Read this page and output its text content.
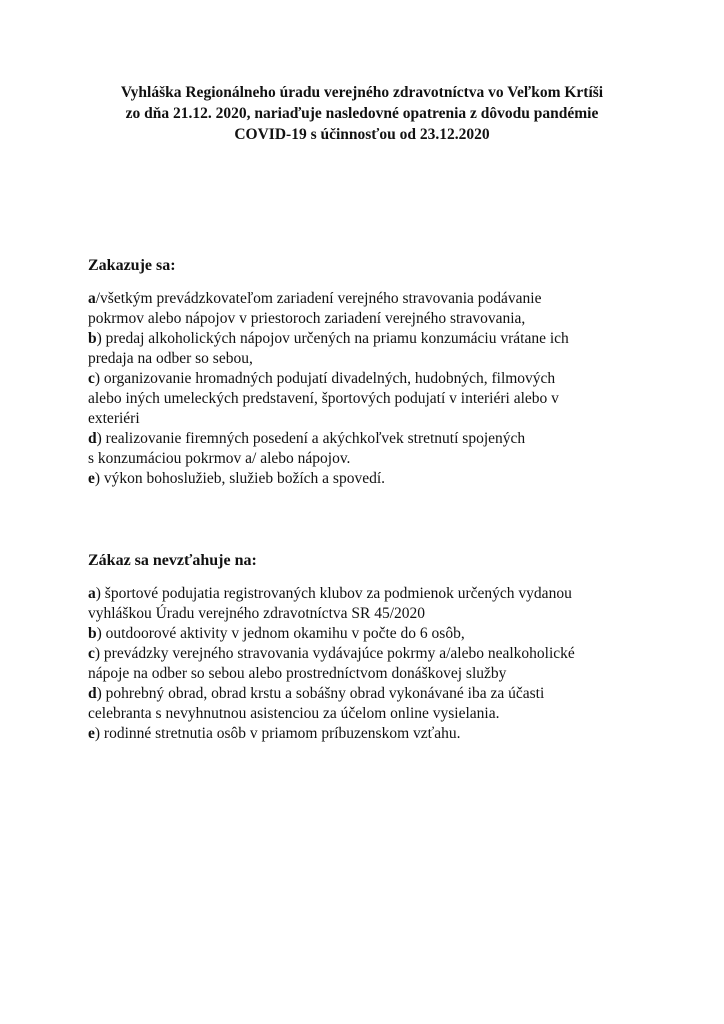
Vyhláška Regionálneho úradu verejného zdravotníctva vo Veľkom Krtíši
zo dňa 21.12. 2020, nariaďuje nasledovné opatrenia z dôvodu pandémie
COVID-19 s účinnosťou od 23.12.2020
Zakazuje sa:
a/všetkým prevádzkovateľom zariadení verejného stravovania podávanie
pokrmov alebo nápojov v priestoroch zariadení verejného stravovania,
b) predaj alkoholických nápojov určených na priamu konzumáciu vrátane ich
predaja na odber so sebou,
c) organizovanie hromadných podujatí divadelných, hudobných, filmových
alebo iných umeleckých predstavení, športových podujatí v interiéri alebo v
exteriéri
d) realizovanie firemných posedení a akýchkoľvek stretnutí spojených
s konzumáciou pokrmov a/ alebo nápojov.
e) výkon bohoslužieb, služieb božích a spovedí.
Zákaz sa nevzťahuje na:
a) športové podujatia registrovaných klubov za podmienok určených vydanou
vyhláškou Úradu verejného zdravotníctva SR 45/2020
b) outdoorové aktivity v jednom okamihu v počte do 6 osôb,
c) prevádzky verejného stravovania vydávajúce pokrmy a/alebo nealkoholické
nápoje na odber so sebou alebo prostredníctvom donáškovej služby
d) pohrebný obrad, obrad krstu a sobášny obrad vykonávané iba za účasti
celebranta s nevyhnutnou asistenciou za účelom online vysielania.
e) rodinné stretnutia osôb v priamom príbuzenskom vzťahu.
